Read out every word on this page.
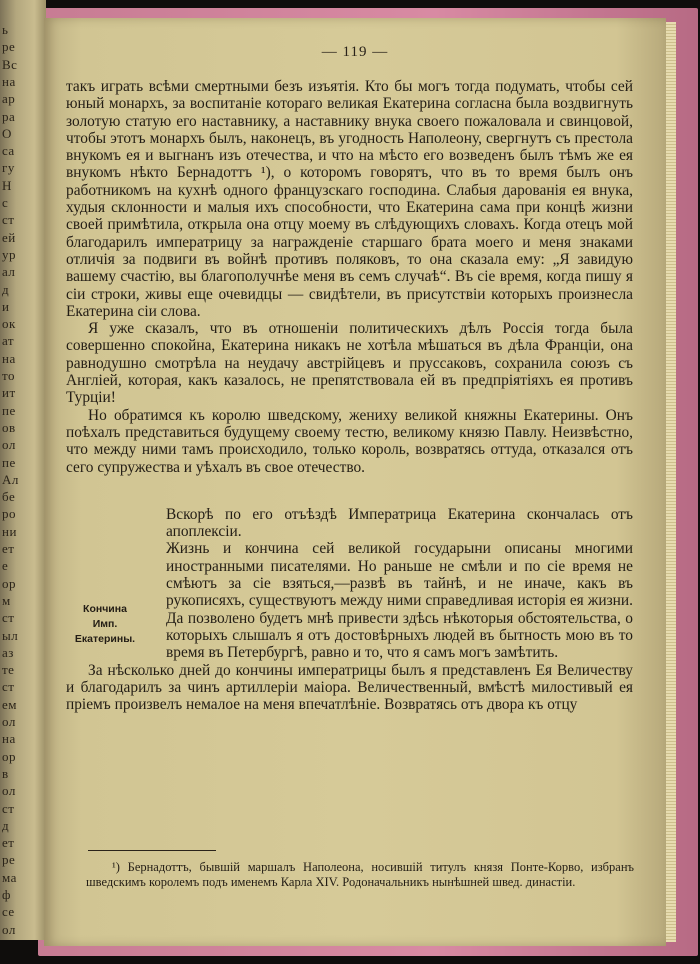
ь
ре
Вс
на
ар
ра
О
са
гу
Н
с
ст
ей
ур
ал
д
и
ок
ат
на
то
ит
пе
ов
ол
пе
Ал
бе
ро
ни
ет
е
ор
м
ст
ыл
аз
те
ст
ем
ол
на
ор
в
ол
ст
д
ет
ре
ма
ф
се
ол
— 119 —

такъ играть всѣми смертными безъ изъятія. Кто бы могъ тогда подумать, чтобы сей юный монархъ, за воспитаніе котораго великая Екатерина согласна была воздвигнуть золотую статую его наставнику, а наставнику внука своего пожаловала и свинцовой, чтобы этотъ монархъ былъ, наконецъ, въ угодность Наполеону, свергнутъ съ престола внукомъ ея и выгнанъ изъ отечества, и что на мѣсто его возведенъ былъ тѣмъ же ея внукомъ нѣкто Бернадоттъ ¹), о которомъ говорятъ, что въ то время былъ онъ работникомъ на кухнѣ одного французскаго господина. Слабыя дарованія ея внука, худыя склонности и малыя ихъ способности, что Екатерина сама при концѣ жизни своей примѣтила, открыла она отцу моему въ слѣдующихъ словахъ. Когда отецъ мой благодарилъ императрицу за награжденіе старшаго брата моего и меня знаками отличія за подвиги въ войнѣ противъ поляковъ, то она сказала ему: „Я завидую вашему счастію, вы благополучнѣе меня въ семъ случаѣ“. Въ сіе время, когда пишу я сіи строки, живы еще очевидцы — свидѣтели, въ присутствіи которыхъ произнесла Екатерина сіи слова.

Я уже сказалъ, что въ отношеніи политическихъ дѣлъ Россія тогда была совершенно спокойна, Екатерина никакъ не хотѣла мѣшаться въ дѣла Франціи, она равнодушно смотрѣла на неудачу австрійцевъ и пруссаковъ, сохранила союзъ съ Англіей, которая, какъ казалось, не препятствовала ей въ предпріятіяхъ ея противъ Турціи!

Но обратимся къ королю шведскому, жениху великой княжны Екатерины. Онъ поѣхалъ представиться будущему своему тестю, великому князю Павлу. Неизвѣстно, что между ними тамъ происходило, только король, возвратясь оттуда, отказался отъ сего супружества и уѣхалъ въ свое отечество.

Вскорѣ по его отъѣздѣ Императрица Екатерина скончалась отъ апоплексіи.

Жизнь и кончина сей великой государыни описаны многими иностранными писателями. Но раньше не смѣли и по сіе время не смѣютъ за сіе взяться,—развѣ въ тайнѣ, и не иначе, какъ въ рукописяхъ, существуютъ между ними справедливая исторія ея жизни. Да позволено будетъ мнѣ привести здѣсь нѣкоторыя обстоятельства, о которыхъ слышалъ я отъ достовѣрныхъ людей въ бытность мою въ то время въ Петербургѣ, равно и то, что я самъ могъ замѣтить.

За нѣсколько дней до кончины императрицы былъ я представленъ Ея Величеству и благодарилъ за чинъ артиллеріи маіора. Величественный, вмѣстѣ милостивый ея пріемъ произвелъ немалое на меня впечатлѣніе. Возвратясь отъ двора къ отцу

Кончина Имп. Екатерины.

¹) Бернадоттъ, бывшій маршалъ Наполеона, носившій титулъ князя Понте-Корво, избранъ шведскимъ королемъ подъ именемъ Карла XIV. Родоначальникъ нынѣшней швед. династіи.
